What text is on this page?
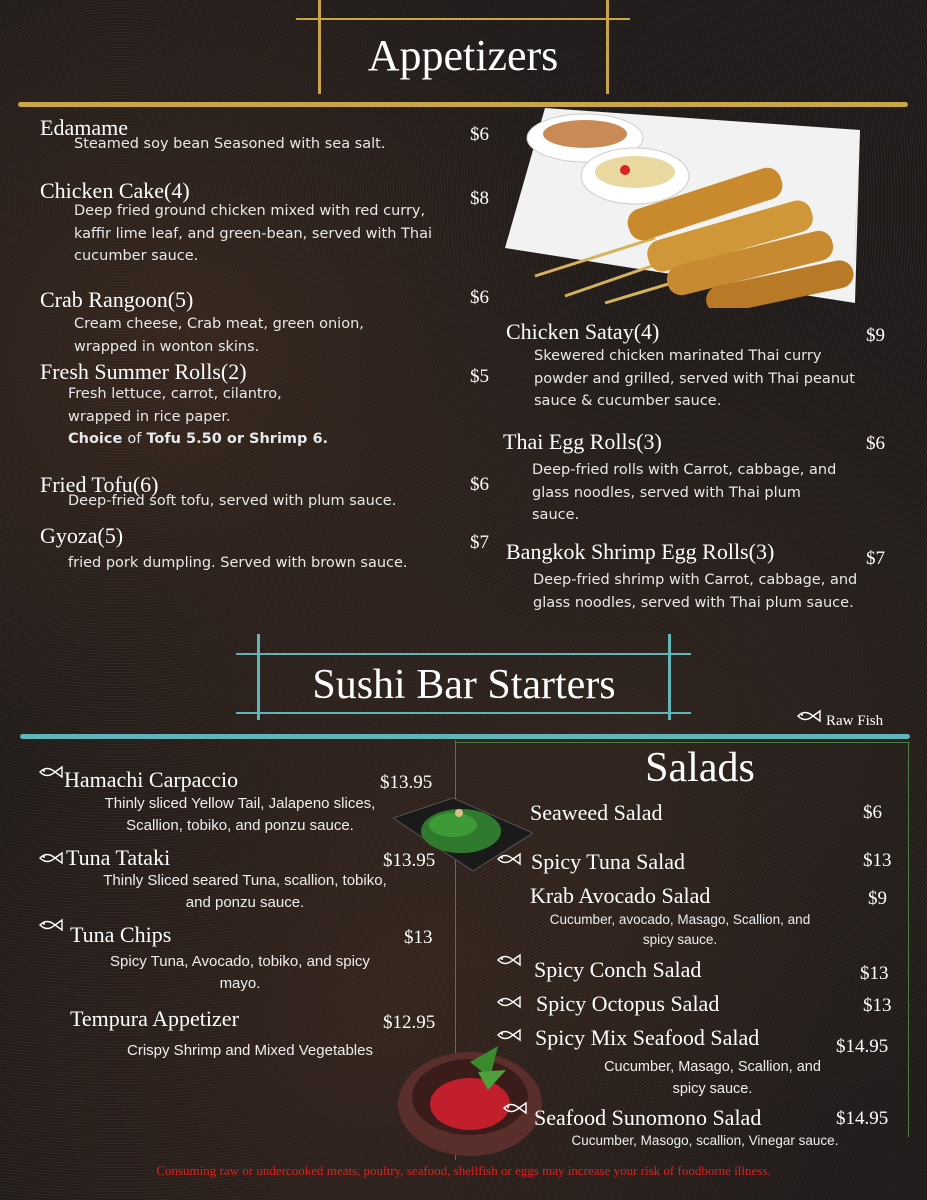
Appetizers
Edamame	$6
Steamed soy bean Seasoned with sea salt.
Chicken Cake(4)	$8
Deep fried ground chicken mixed with red curry, kaffir lime leaf, and green-bean, served with Thai cucumber sauce.
Crab Rangoon(5)	$6
Cream cheese, Crab meat, green onion, wrapped in wonton skins.
Fresh Summer Rolls(2)	$5
Fresh lettuce, carrot, cilantro, wrapped in rice paper.
Choice of Tofu 5.50 or Shrimp 6.
Fried Tofu(6)	$6
Deep-fried soft tofu, served with plum sauce.
Gyoza(5)	$7
fried pork dumpling. Served with brown sauce.
Chicken Satay(4)	$9
Skewered chicken marinated Thai curry powder and grilled, served with Thai peanut sauce & cucumber sauce.
Thai Egg Rolls(3)	$6
Deep-fried rolls with Carrot, cabbage, and glass noodles, served with Thai plum sauce.
Bangkok Shrimp Egg Rolls(3)	$7
Deep-fried shrimp with Carrot, cabbage, and glass noodles, served with Thai plum sauce.
Sushi Bar Starters
Raw Fish
Hamachi Carpaccio	$13.95
Thinly sliced Yellow Tail, Jalapeno slices, Scallion, tobiko, and ponzu sauce.
Tuna Tataki	$13.95
Thinly Sliced seared Tuna, scallion, tobiko, and ponzu sauce.
Tuna Chips	$13
Spicy Tuna, Avocado, tobiko, and spicy mayo.
Tempura Appetizer	$12.95
Crispy Shrimp and Mixed Vegetables
Salads
Seaweed Salad	$6
Spicy Tuna Salad	$13
Krab Avocado Salad	$9
Cucumber, avocado, Masago, Scallion, and spicy sauce.
Spicy Conch Salad	$13
Spicy Octopus Salad	$13
Spicy Mix Seafood Salad	$14.95
Cucumber, Masago, Scallion, and spicy sauce.
Seafood Sunomono Salad	$14.95
Cucumber, Masogo, scallion, Vinegar sauce.
Consuming raw or undercooked meats, poultry, seafood, shellfish or eggs may increase your risk of foodborne illness.
